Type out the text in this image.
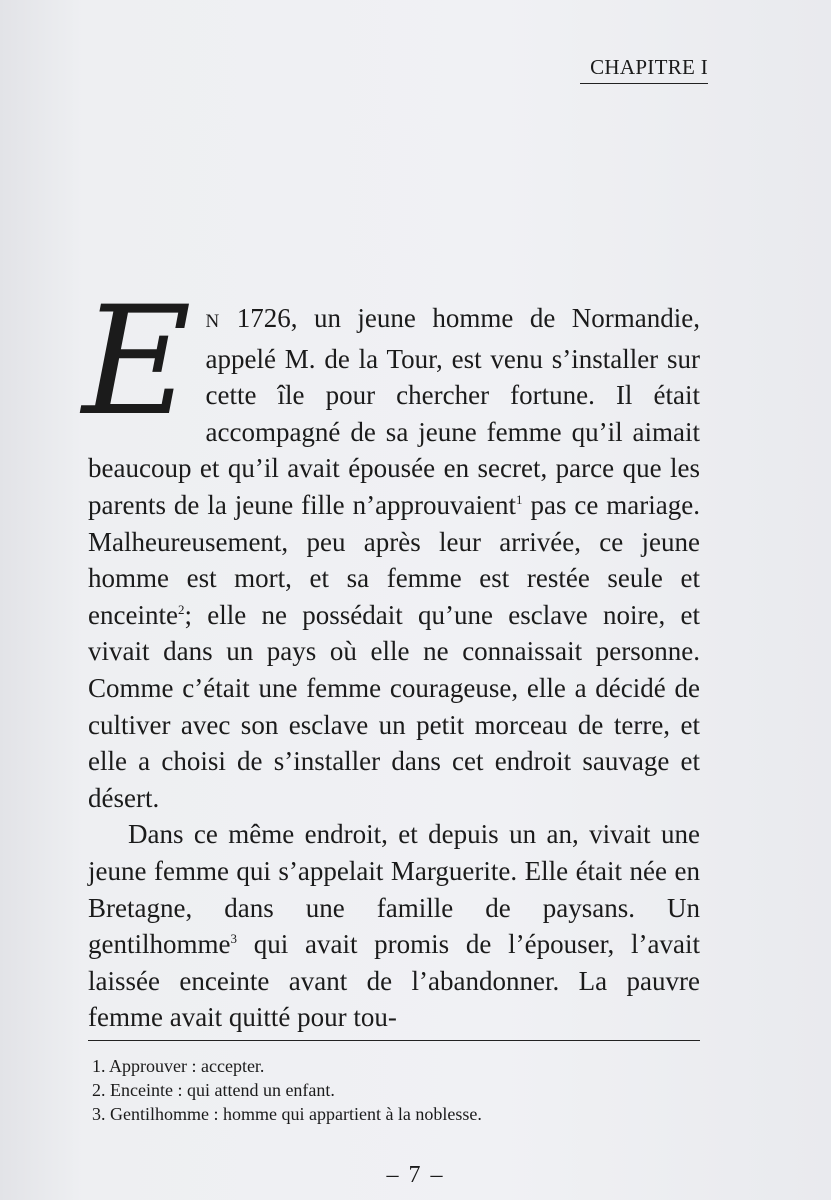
CHAPITRE I

E N 1726, un jeune homme de Normandie, appelé M. de la Tour, est venu s’installer sur cette île pour chercher fortune. Il était accompagné de sa jeune femme qu’il aimait beaucoup et qu’il avait épousée en secret, parce que les parents de la jeune fille n’approuvaient$^1$ pas ce mariage. Malheureusement, peu après leur arrivée, ce jeune homme est mort, et sa femme est restée seule et enceinte$^2$; elle ne possédait qu’une esclave noire, et vivait dans un pays où elle ne connaissait personne. Comme c’était une femme courageuse, elle a décidé de cultiver avec son esclave un petit morceau de terre, et elle a choisi de s’installer dans cet endroit sauvage et désert.

Dans ce même endroit, et depuis un an, vivait une jeune femme qui s’appelait Marguerite. Elle était née en Bretagne, dans une famille de paysans. Un gentilhomme$^3$ qui avait promis de l’épouser, l’avait laissée enceinte avant de l’abandonner. La pauvre femme avait quitté pour tou-

1. Approuver : accepter.
2. Enceinte : qui attend un enfant.
3. Gentilhomme : homme qui appartient à la noblesse.
– 7 –
